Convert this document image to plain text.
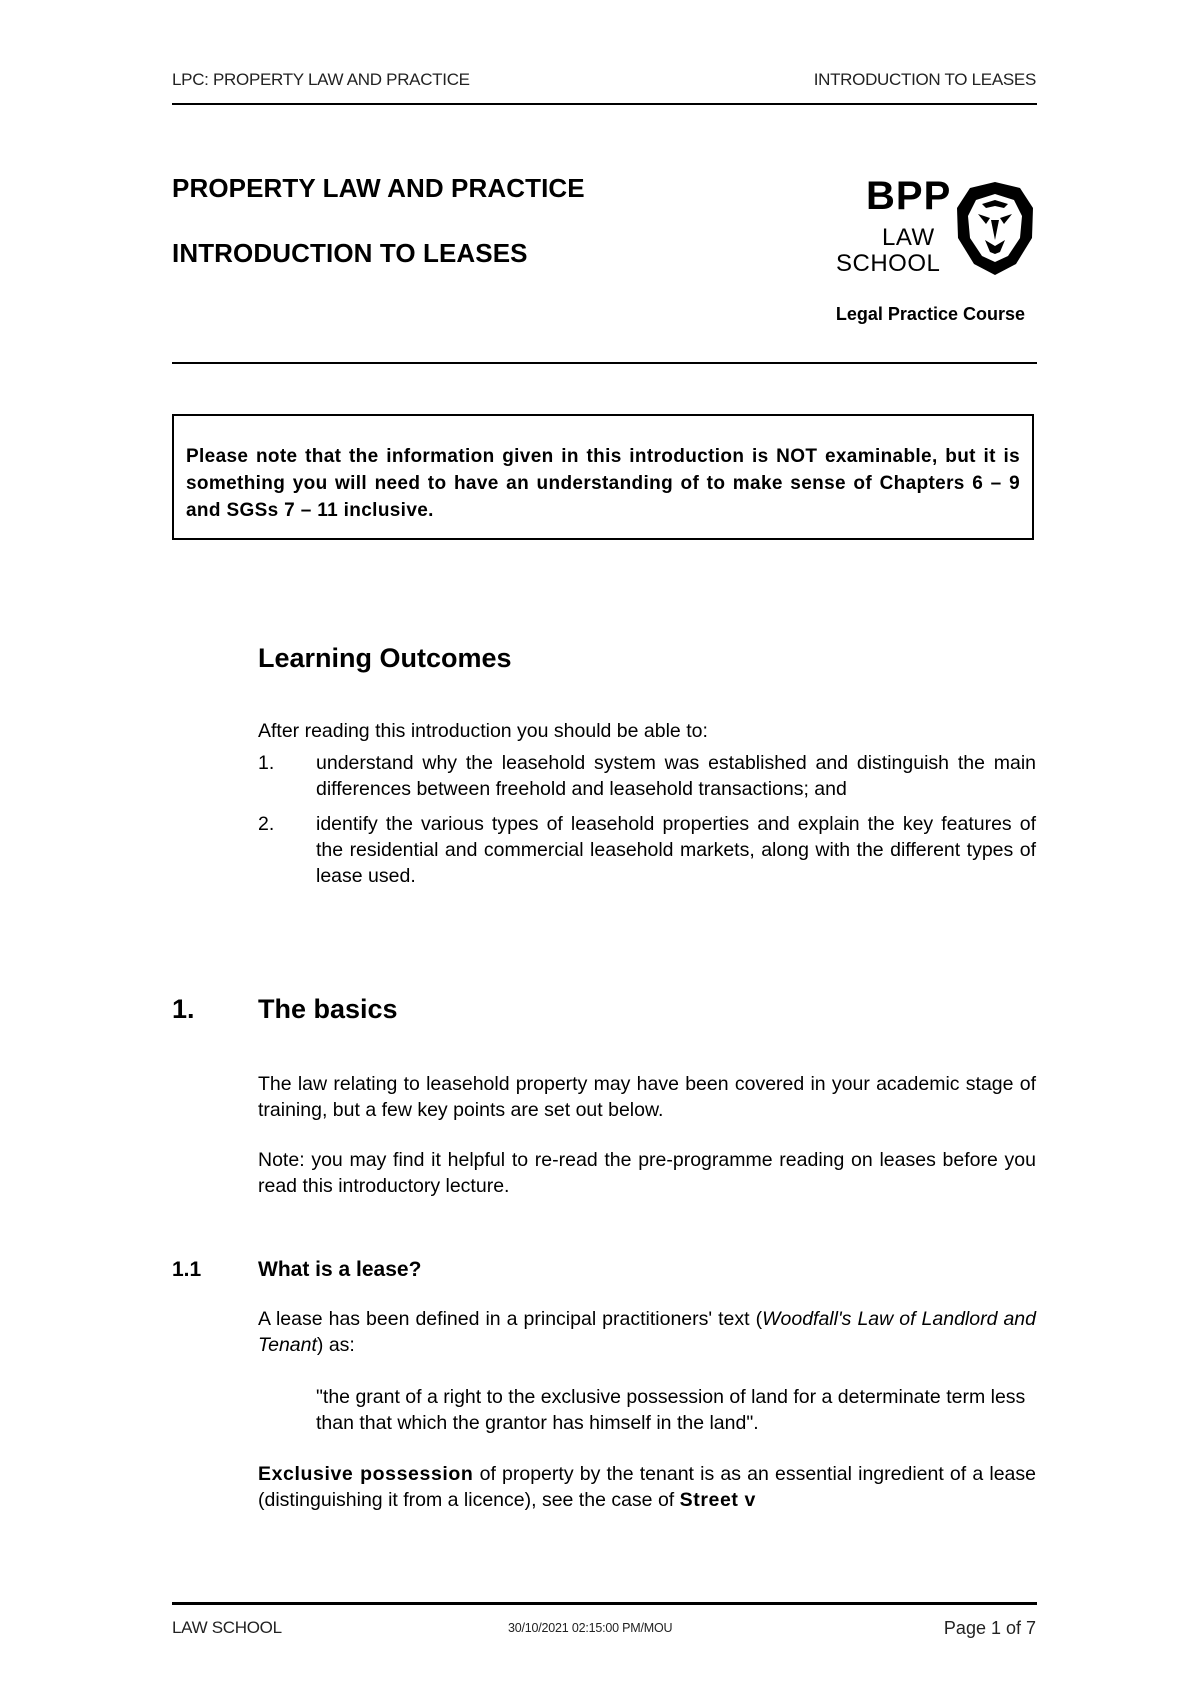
LPC: PROPERTY LAW AND PRACTICE	INTRODUCTION TO LEASES
PROPERTY LAW AND PRACTICE
INTRODUCTION TO LEASES
BPP
LAW
SCHOOL
Legal Practice Course

Please note that the information given in this introduction is NOT examinable, but it is something you will need to have an understanding of to make sense of Chapters 6 – 9 and SGSs 7 – 11 inclusive.

Learning Outcomes
After reading this introduction you should be able to:
1. understand why the leasehold system was established and distinguish the main differences between freehold and leasehold transactions; and
2. identify the various types of leasehold properties and explain the key features of the residential and commercial leasehold markets, along with the different types of lease used.
1. The basics

The law relating to leasehold property may have been covered in your academic stage of training, but a few key points are set out below.

Note: you may find it helpful to re-read the pre-programme reading on leases before you read this introductory lecture.

1.1	What is a lease?

A lease has been defined in a principal practitioners' text (Woodfall's Law of Landlord and Tenant) as:

"the grant of a right to the exclusive possession of land for a determinate term less than that which the grantor has himself in the land".

Exclusive possession of property by the tenant is as an essential ingredient of a lease (distinguishing it from a licence), see the case of Street v

LAW SCHOOL	30/10/2021 02:15:00 PM/MOU	Page 1 of 7
